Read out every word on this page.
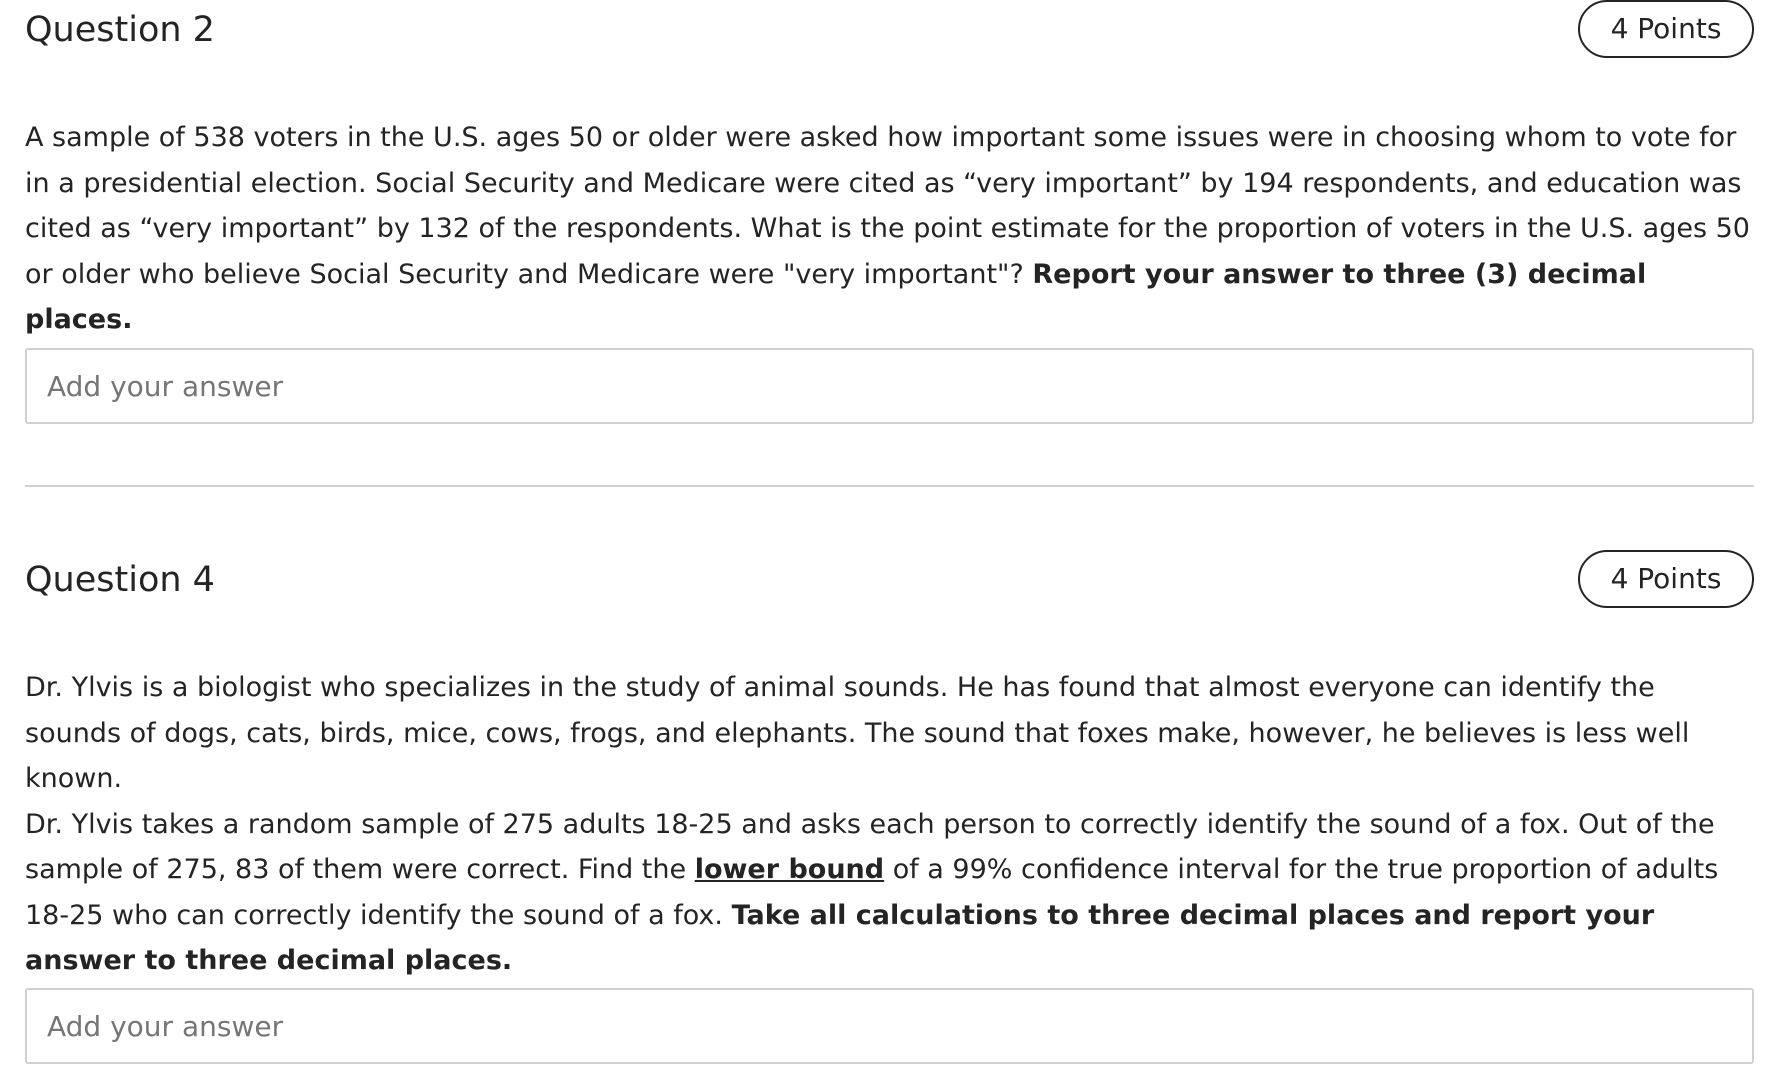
Question 2	4 Points

A sample of 538 voters in the U.S. ages 50 or older were asked how important some issues were in choosing whom to vote for in a presidential election. Social Security and Medicare were cited as “very important” by 194 respondents, and education was cited as “very important” by 132 of the respondents. What is the point estimate for the proportion of voters in the U.S. ages 50 or older who believe Social Security and Medicare were "very important"? Report your answer to three (3) decimal places.

Add your answer
Question 4	4 Points

Dr. Ylvis is a biologist who specializes in the study of animal sounds. He has found that almost everyone can identify the sounds of dogs, cats, birds, mice, cows, frogs, and elephants. The sound that foxes make, however, he believes is less well known.

Dr. Ylvis takes a random sample of 275 adults 18-25 and asks each person to correctly identify the sound of a fox. Out of the sample of 275, 83 of them were correct. Find the lower bound of a 99% confidence interval for the true proportion of adults 18-25 who can correctly identify the sound of a fox. Take all calculations to three decimal places and report your answer to three decimal places.

Add your answer
